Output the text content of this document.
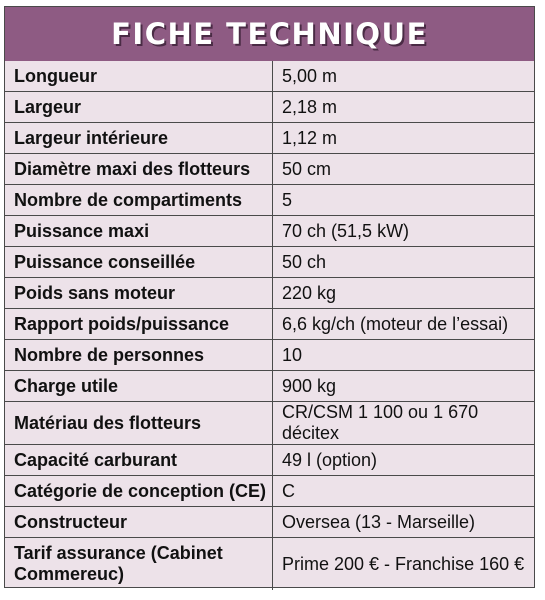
FICHE TECHNIQUE
Longueur	5,00 m
Largeur	2,18 m
Largeur intérieure	1,12 m
Diamètre maxi des flotteurs	50 cm
Nombre de compartiments	5
Puissance maxi	70 ch (51,5 kW)
Puissance conseillée	50 ch
Poids sans moteur	220 kg
Rapport poids/puissance	6,6 kg/ch (moteur de l’essai)
Nombre de personnes	10
Charge utile	900 kg
Matériau des flotteurs	CR/CSM 1 100 ou 1 670 décitex
Capacité carburant	49 l (option)
Catégorie de conception (CE)	C
Constructeur	Oversea (13 - Marseille)
Tarif assurance (Cabinet Commereuc)	Prime 200 € - Franchise 160 €
